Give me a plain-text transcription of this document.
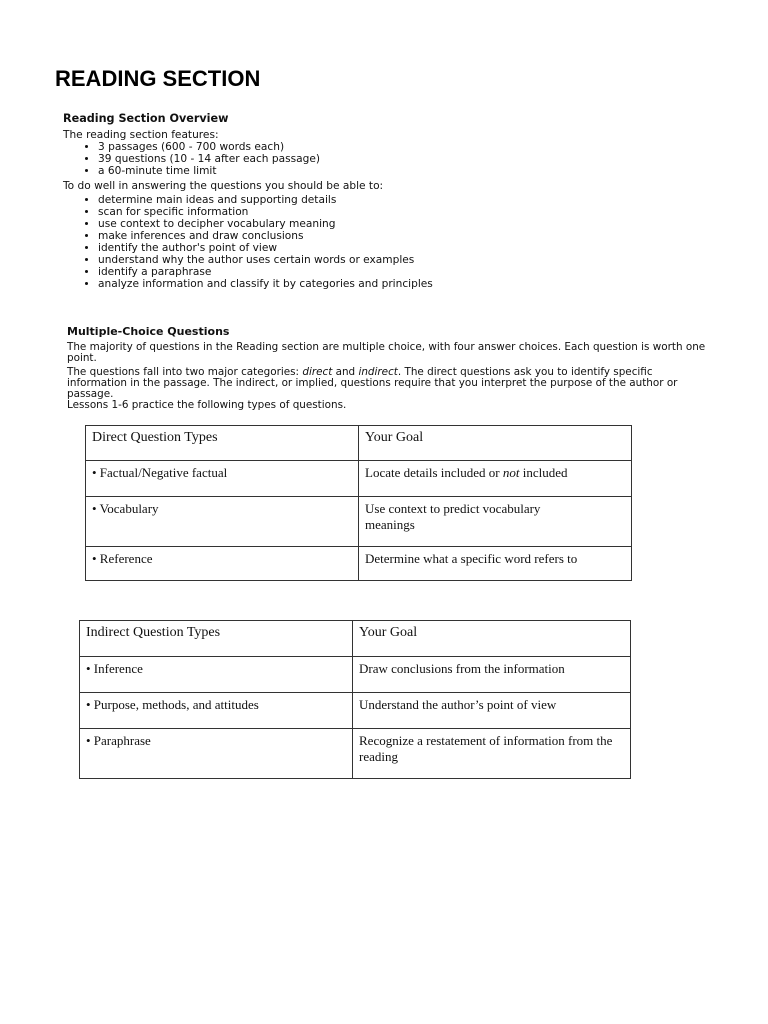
READING SECTION
Reading Section Overview

The reading section features:

• 3 passages (600 - 700 words each)
• 39 questions (10 - 14 after each passage)
• a 60-minute time limit

To do well in answering the questions you should be able to:

• determine main ideas and supporting details
• scan for specific information
• use context to decipher vocabulary meaning
• make inferences and draw conclusions
• identify the author's point of view
• understand why the author uses certain words or examples
• identify a paraphrase
• analyze information and classify it by categories and principles
Multiple-Choice Questions

The majority of questions in the Reading section are multiple choice, with four answer choices. Each question is worth one point.

The questions fall into two major categories: direct and indirect. The direct questions ask you to identify specific information in the passage. The indirect, or implied, questions require that you interpret the purpose of the author or passage.

Lessons 1-6 practice the following types of questions.

Direct Question Types	Your Goal
• Factual/Negative factual	Locate details included or not included
• Vocabulary	Use context to predict vocabulary meanings
• Reference	Determine what a specific word refers to
Indirect Question Types	Your Goal
• Inference	Draw conclusions from the information
• Purpose, methods, and attitudes	Understand the author’s point of view
• Paraphrase	Recognize a restatement of information from the reading
